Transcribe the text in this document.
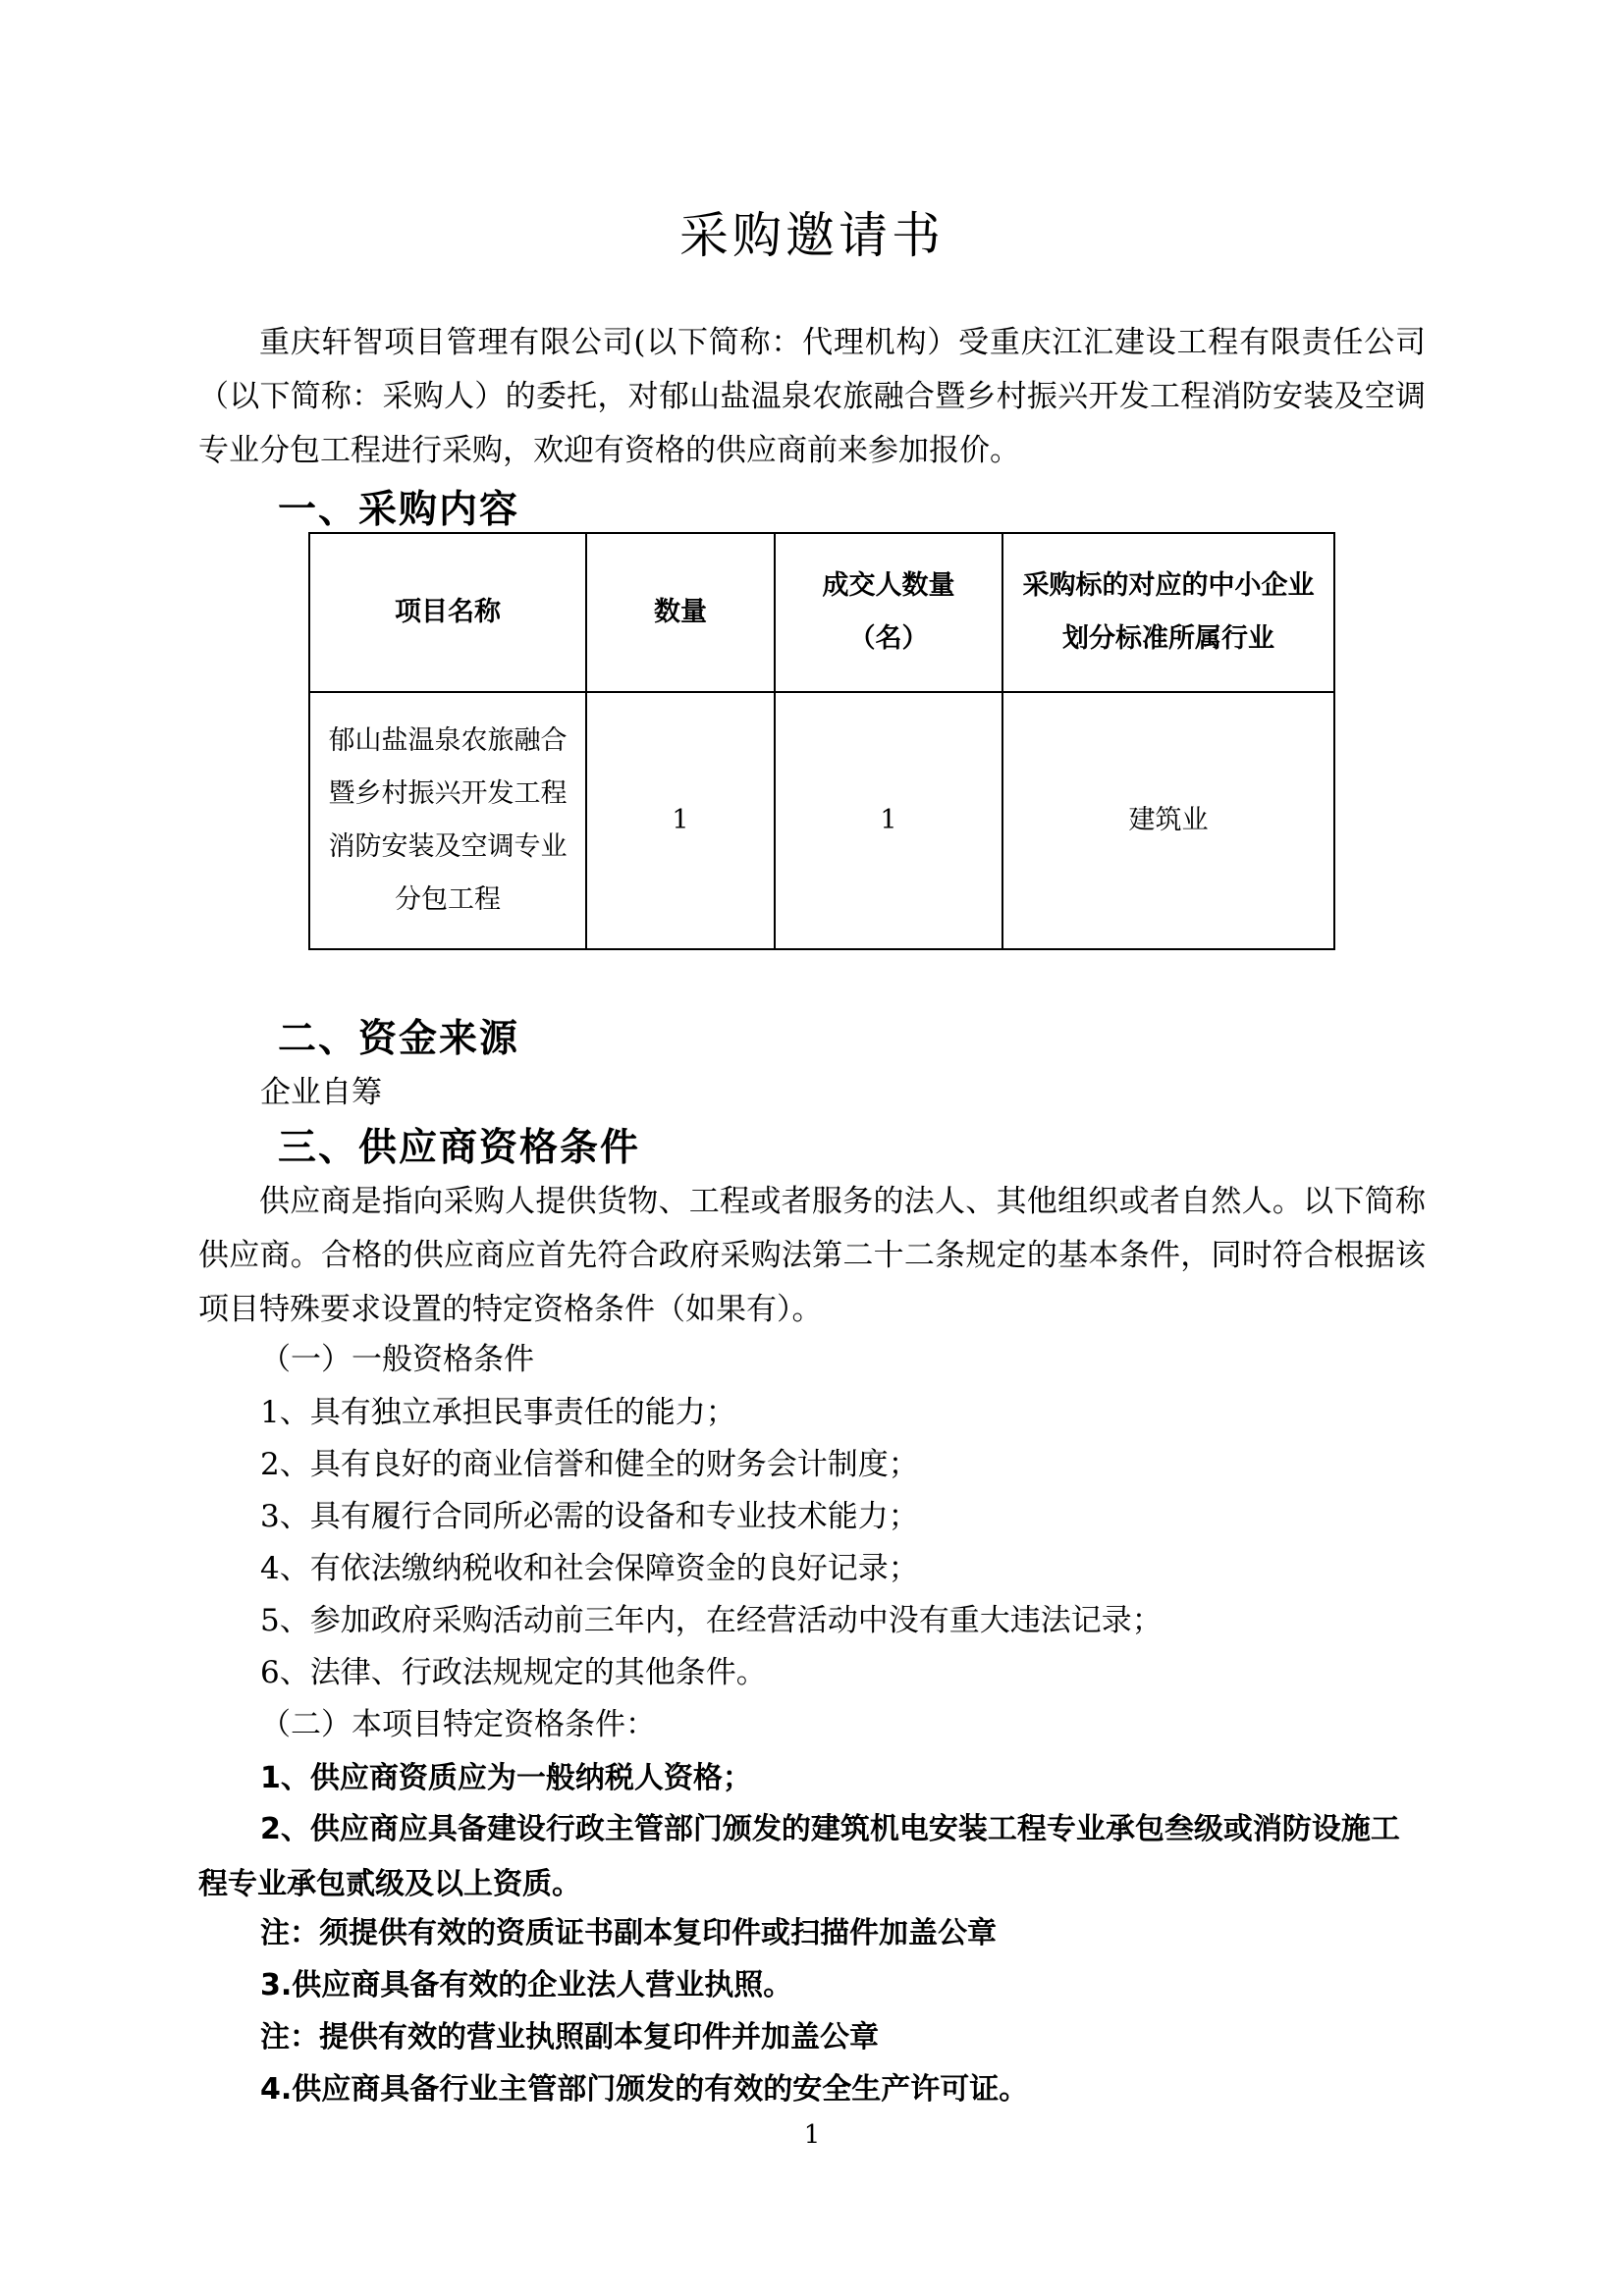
采购邀请书
重庆轩智项目管理有限公司(以下简称：代理机构）受重庆江汇建设工程有限责任公司 （以下简称：采购人）的委托，对郁山盐温泉农旅融合暨乡村振兴开发工程消防安装及空调专业分包工程进行采购，欢迎有资格的供应商前来参加报价。
一、采购内容
项目名称	数量	成交人数量（名）	采购标的对应的中小企业划分标准所属行业
郁山盐温泉农旅融合暨乡村振兴开发工程消防安装及空调专业分包工程	1	1	建筑业
二、资金来源
企业自筹
三、供应商资格条件
供应商是指向采购人提供货物、工程或者服务的法人、其他组织或者自然人。以下简称供应商。合格的供应商应首先符合政府采购法第二十二条规定的基本条件，同时符合根据该项目特殊要求设置的特定资格条件（如果有）。
（一）一般资格条件
1、具有独立承担民事责任的能力；
2、具有良好的商业信誉和健全的财务会计制度；
3、具有履行合同所必需的设备和专业技术能力；
4、有依法缴纳税收和社会保障资金的良好记录；
5、参加政府采购活动前三年内，在经营活动中没有重大违法记录；
6、法律、行政法规规定的其他条件。
（二）本项目特定资格条件：
1、供应商资质应为一般纳税人资格；
2、供应商应具备建设行政主管部门颁发的建筑机电安装工程专业承包叁级或消防设施工程专业承包贰级及以上资质。
注：须提供有效的资质证书副本复印件或扫描件加盖公章
3.供应商具备有效的企业法人营业执照。
注：提供有效的营业执照副本复印件并加盖公章
4.供应商具备行业主管部门颁发的有效的安全生产许可证。
1
